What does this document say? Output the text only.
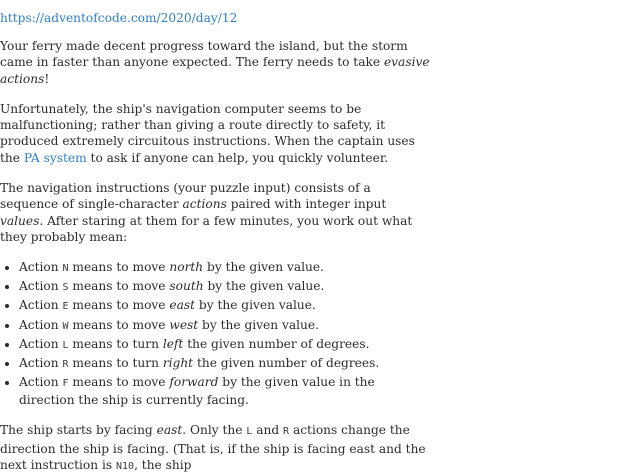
https://adventofcode.com/2020/day/12

Your ferry made decent progress toward the island, but the storm came in faster than anyone expected. The ferry needs to take evasive actions!

Unfortunately, the ship's navigation computer seems to be malfunctioning; rather than giving a route directly to safety, it produced extremely circuitous instructions. When the captain uses the PA system to ask if anyone can help, you quickly volunteer.

The navigation instructions (your puzzle input) consists of a sequence of single-character actions paired with integer input values. After staring at them for a few minutes, you work out what they probably mean:

• Action N means to move north by the given value.
• Action S means to move south by the given value.
• Action E means to move east by the given value.
• Action W means to move west by the given value.
• Action L means to turn left the given number of degrees.
• Action R means to turn right the given number of degrees.
• Action F means to move forward by the given value in the direction the ship is currently facing.

The ship starts by facing east. Only the L and R actions change the direction the ship is facing. (That is, if the ship is facing east and the next instruction is N10, the ship
